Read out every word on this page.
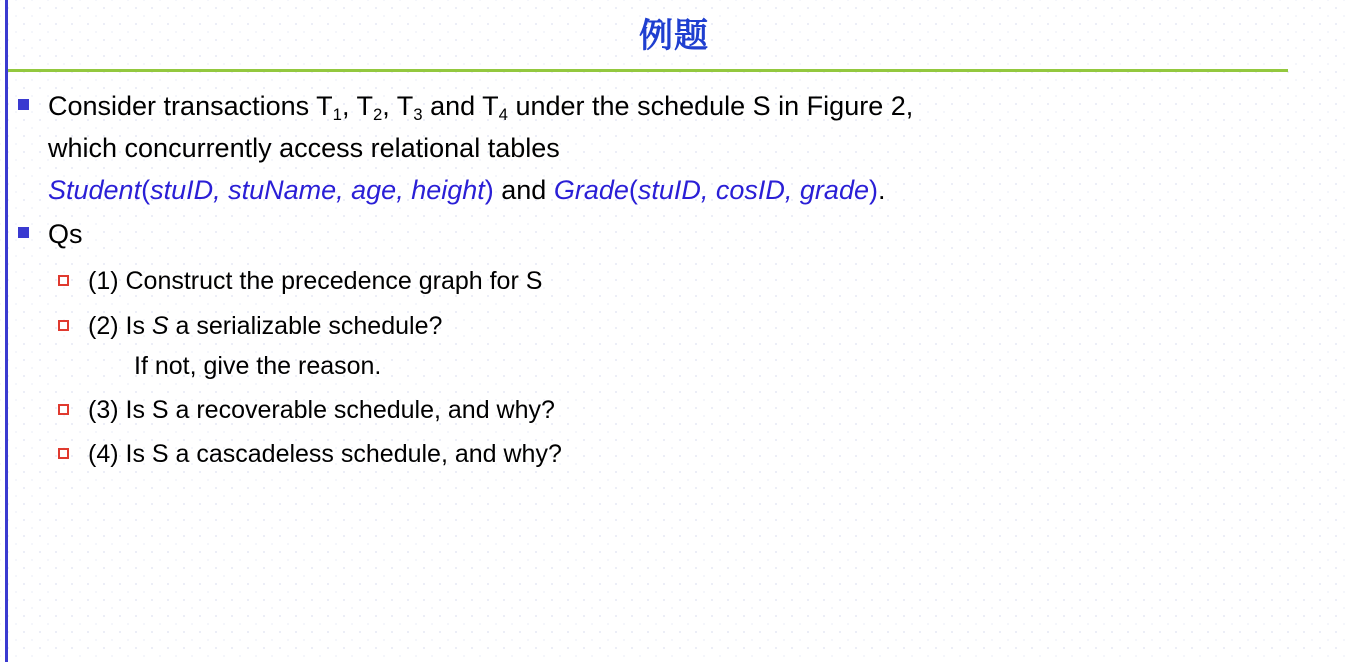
例题
Consider transactions $T_1$, $T_2$, $T_3$ and $T_4$ under the schedule S in Figure 2,
which concurrently access relational tables
Student(stuID, stuName, age, height) and Grade(stuID, cosID, grade).
Qs
(1) Construct the precedence graph for S
(2) Is S a serializable schedule?
If not, give the reason.
(3) Is S a recoverable schedule, and why?
(4) Is S a cascadeless schedule, and why?
